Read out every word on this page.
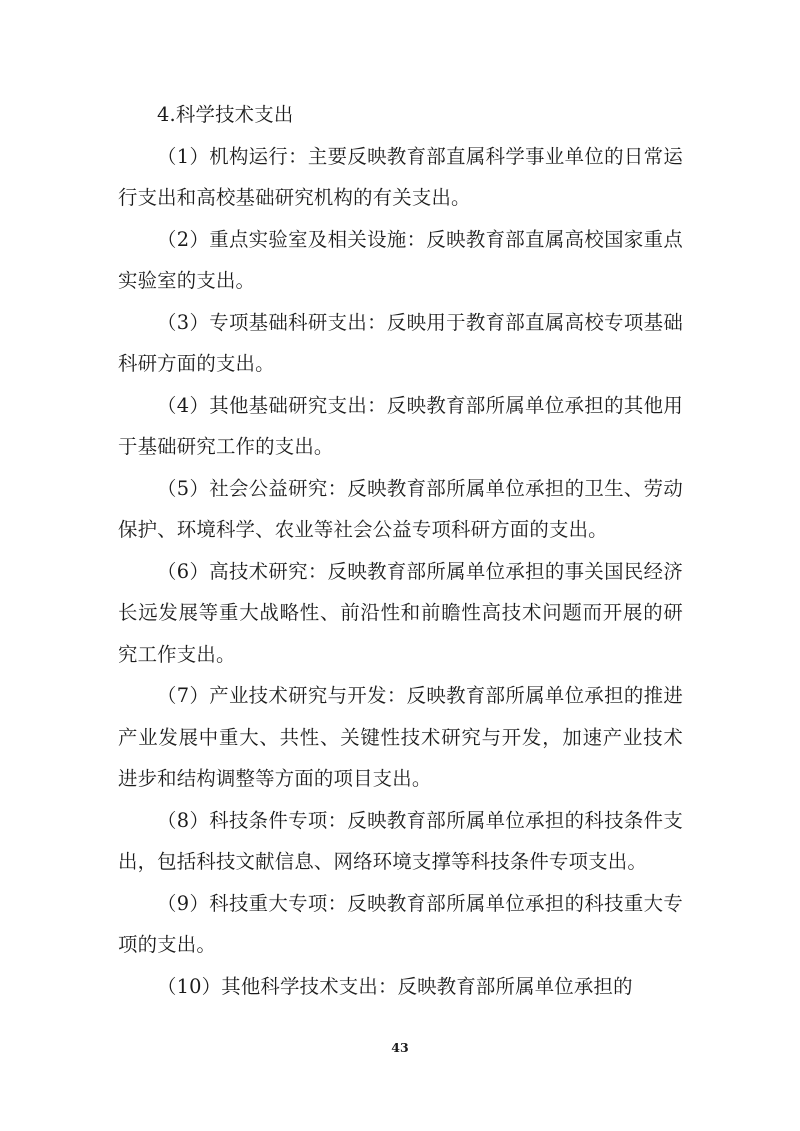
4.科学技术支出

（1）机构运行：主要反映教育部直属科学事业单位的日常运行支出和高校基础研究机构的有关支出。

（2）重点实验室及相关设施：反映教育部直属高校国家重点实验室的支出。

（3）专项基础科研支出：反映用于教育部直属高校专项基础科研方面的支出。

（4）其他基础研究支出：反映教育部所属单位承担的其他用于基础研究工作的支出。

（5）社会公益研究：反映教育部所属单位承担的卫生、劳动保护、环境科学、农业等社会公益专项科研方面的支出。

（6）高技术研究：反映教育部所属单位承担的事关国民经济长远发展等重大战略性、前沿性和前瞻性高技术问题而开展的研究工作支出。

（7）产业技术研究与开发：反映教育部所属单位承担的推进产业发展中重大、共性、关键性技术研究与开发，加速产业技术进步和结构调整等方面的项目支出。

（8）科技条件专项：反映教育部所属单位承担的科技条件支出，包括科技文献信息、网络环境支撑等科技条件专项支出。

（9）科技重大专项：反映教育部所属单位承担的科技重大专项的支出。

（10）其他科学技术支出：反映教育部所属单位承担的

43
